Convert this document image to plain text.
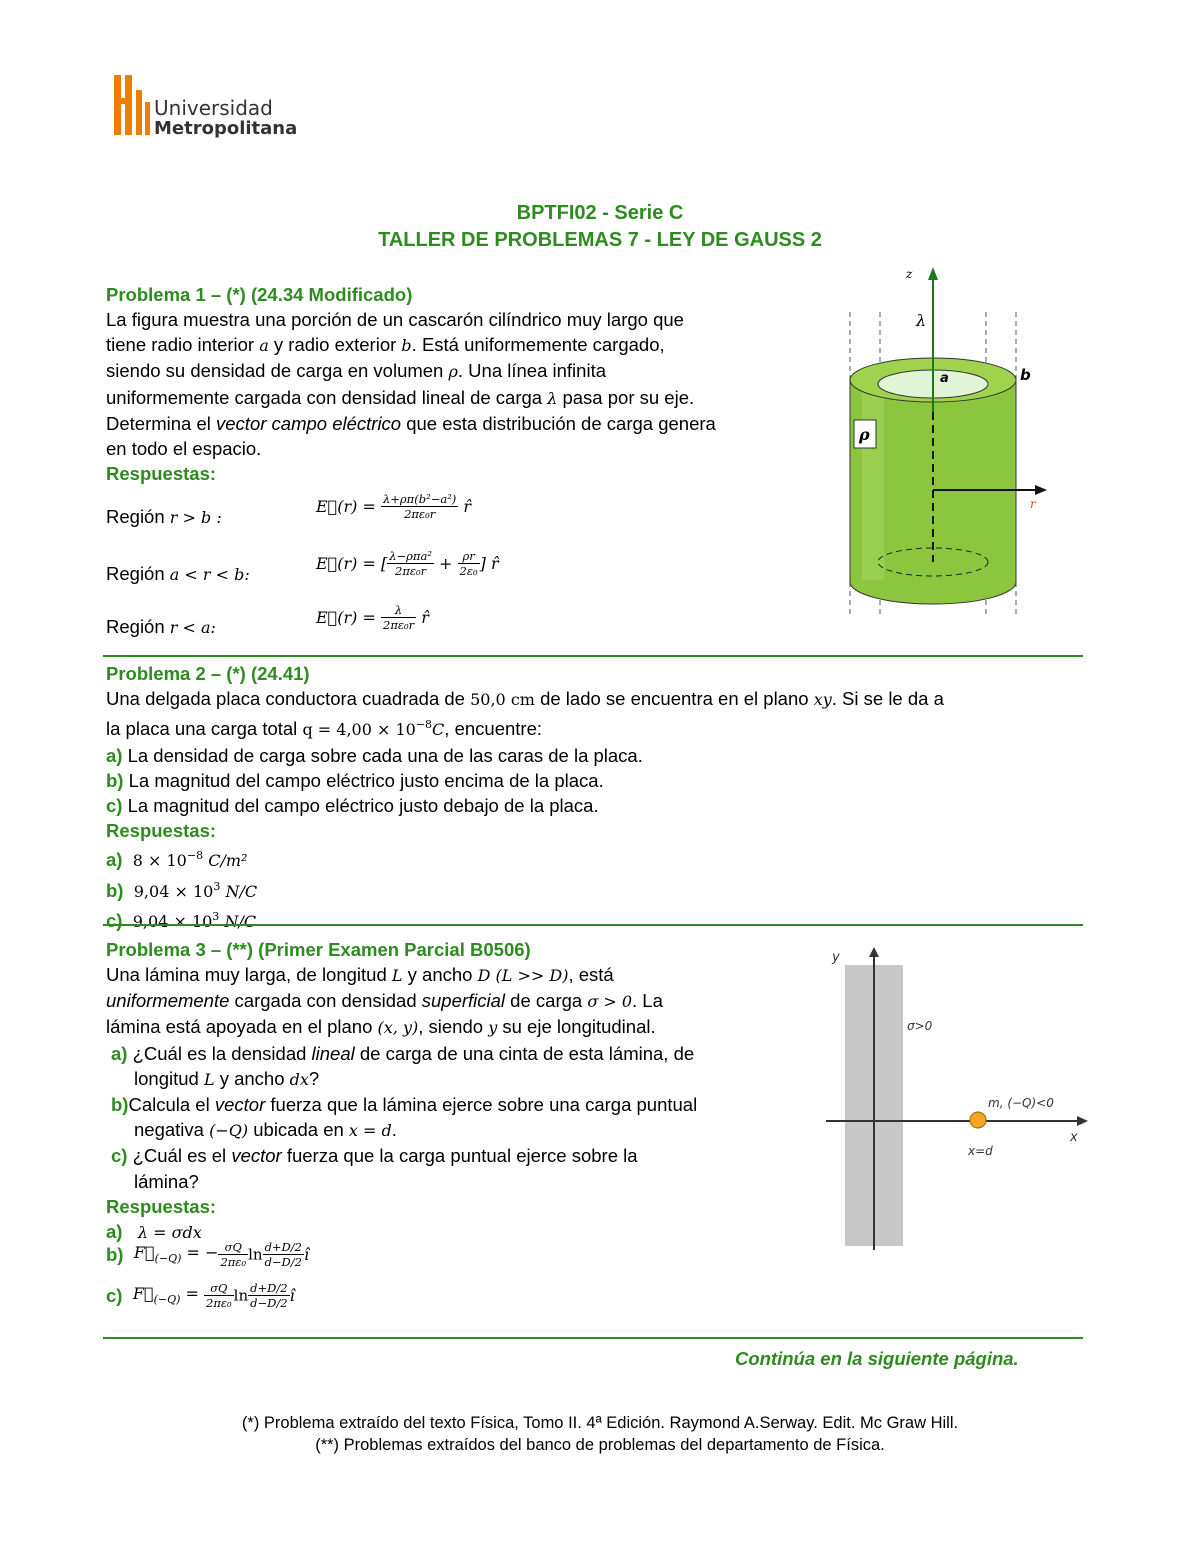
Universidad
Metropolitana
BPTFI02 - Serie C
TALLER DE PROBLEMAS 7 - LEY DE GAUSS 2
Problema 1 – (*) (24.34 Modificado)
La figura muestra una porción de un cascarón cilíndrico muy largo que
tiene radio interior a y radio exterior b. Está uniformemente cargado,
siendo su densidad de carga en volumen ρ. Una línea infinita
uniformemente cargada con densidad lineal de carga λ pasa por su eje.
Determina el vector campo eléctrico que esta distribución de carga genera
en todo el espacio.
Respuestas:
Región r > b :
E⃗(r) = $\frac{\text{λ+ρπ(b²−a²)}}{\text{2πε₀r}}$ r̂
Región a < r < b:
E⃗(r) = [ $\frac{\text{λ−ρπa²}}{\text{2πε₀r}} + \frac{\rho r}{\text{2ε₀}}$ ] r̂
Región r < a:
E⃗(r) = $\frac{\lambda}{\text{2πε₀r}}$ r̂
z
λ
a	b
ρ
r
Problema 2 – (*) (24.41)
Una delgada placa conductora cuadrada de 50,0 cm de lado se encuentra en el plano xy. Si se le da a
la placa una carga total $q = 4,00 \times 10^{-8}C$, encuentre:
a) La densidad de carga sobre cada una de las caras de la placa.
b) La magnitud del campo eléctrico justo encima de la placa.
c) La magnitud del campo eléctrico justo debajo de la placa.
Respuestas:
a) $8 \times 10^{-8}$ C/m²
b) $9,04 \times 10^3$ N/C
c) $9,04 \times 10^3$ N/C
Problema 3 – (**) (Primer Examen Parcial B0506)
Una lámina muy larga, de longitud L y ancho D (L >> D), está
uniformemente cargada con densidad superficial de carga σ > 0. La
lámina está apoyada en el plano (x, y), siendo y su eje longitudinal.
a) ¿Cuál es la densidad lineal de carga de una cinta de esta lámina, de
longitud L y ancho dx?
b)Calcula el vector fuerza que la lámina ejerce sobre una carga puntual
negativa (−Q) ubicada en x = d.
c) ¿Cuál es el vector fuerza que la carga puntual ejerce sobre la
lámina?
Respuestas:
a) λ = σdx
b) $F⃗_{(-Q)}$ = − $\frac{\sigma Q}{\text{2πε₀}}$ $\ln \frac{d+D/2}{d-D/2}$ î
c) $F⃗_{(-Q)} = \frac{\sigma Q}{\text{2πε₀}}$ $\ln \frac{d+D/2}{d-D/2}$ î
y
x
σ>0
m, (−Q)<0
x=d
Continúa en la siguiente página.
(*) Problema extraído del texto Física, Tomo II. 4ª Edición. Raymond A.Serway. Edit. Mc Graw Hill.
(**) Problemas extraídos del banco de problemas del departamento de Física.
